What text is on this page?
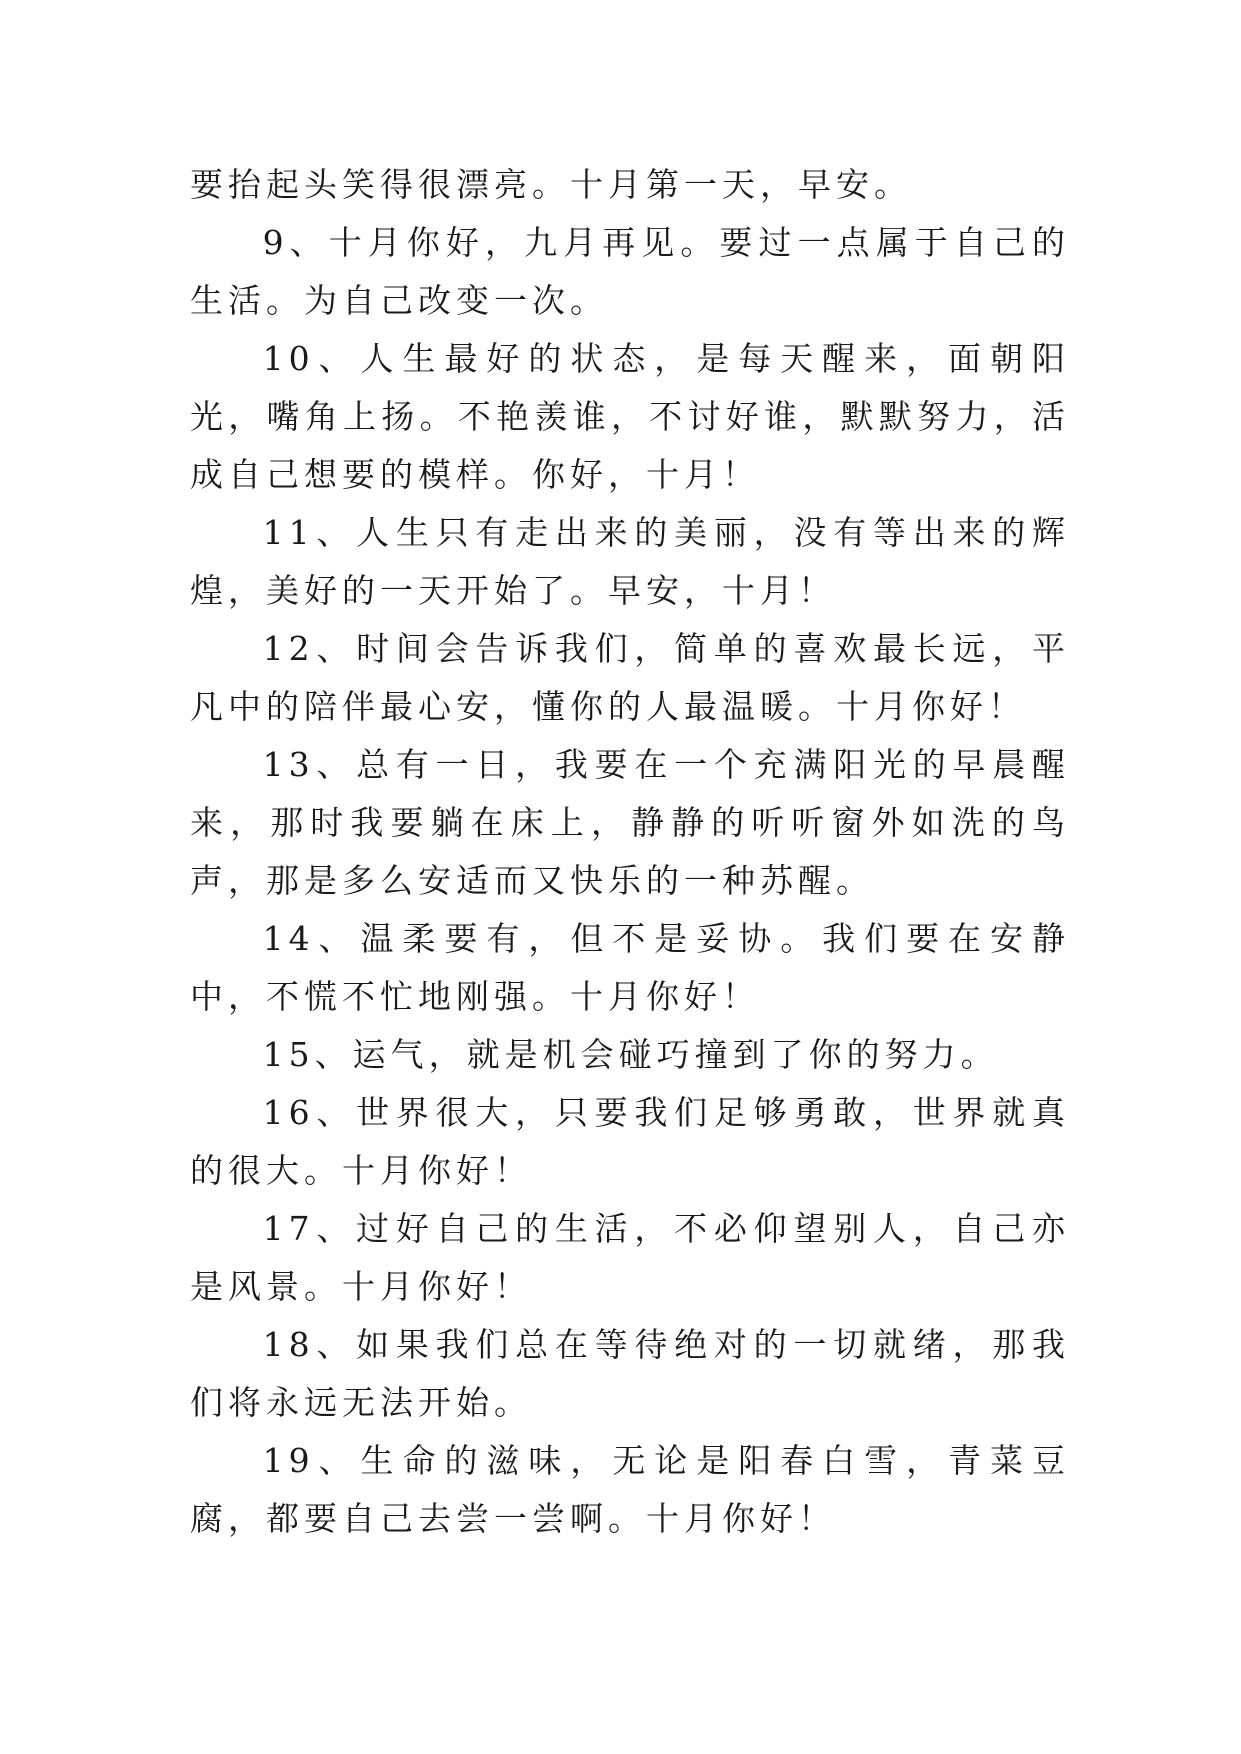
要抬起头笑得很漂亮。十月第一天，早安。

9、十月你好，九月再见。要过一点属于自己的生活。为自己改变一次。

10、人生最好的状态，是每天醒来，面朝阳光，嘴角上扬。不艳羡谁，不讨好谁，默默努力，活成自己想要的模样。你好，十月！

11、人生只有走出来的美丽，没有等出来的辉煌，美好的一天开始了。早安，十月！

12、时间会告诉我们，简单的喜欢最长远，平凡中的陪伴最心安，懂你的人最温暖。十月你好！

13、总有一日，我要在一个充满阳光的早晨醒来，那时我要躺在床上，静静的听听窗外如洗的鸟声，那是多么安适而又快乐的一种苏醒。

14、温柔要有，但不是妥协。我们要在安静中，不慌不忙地刚强。十月你好！

15、运气，就是机会碰巧撞到了你的努力。

16、世界很大，只要我们足够勇敢，世界就真的很大。十月你好！

17、过好自己的生活，不必仰望别人，自己亦是风景。十月你好！

18、如果我们总在等待绝对的一切就绪，那我们将永远无法开始。

19、生命的滋味，无论是阳春白雪，青菜豆腐，都要自己去尝一尝啊。十月你好！
